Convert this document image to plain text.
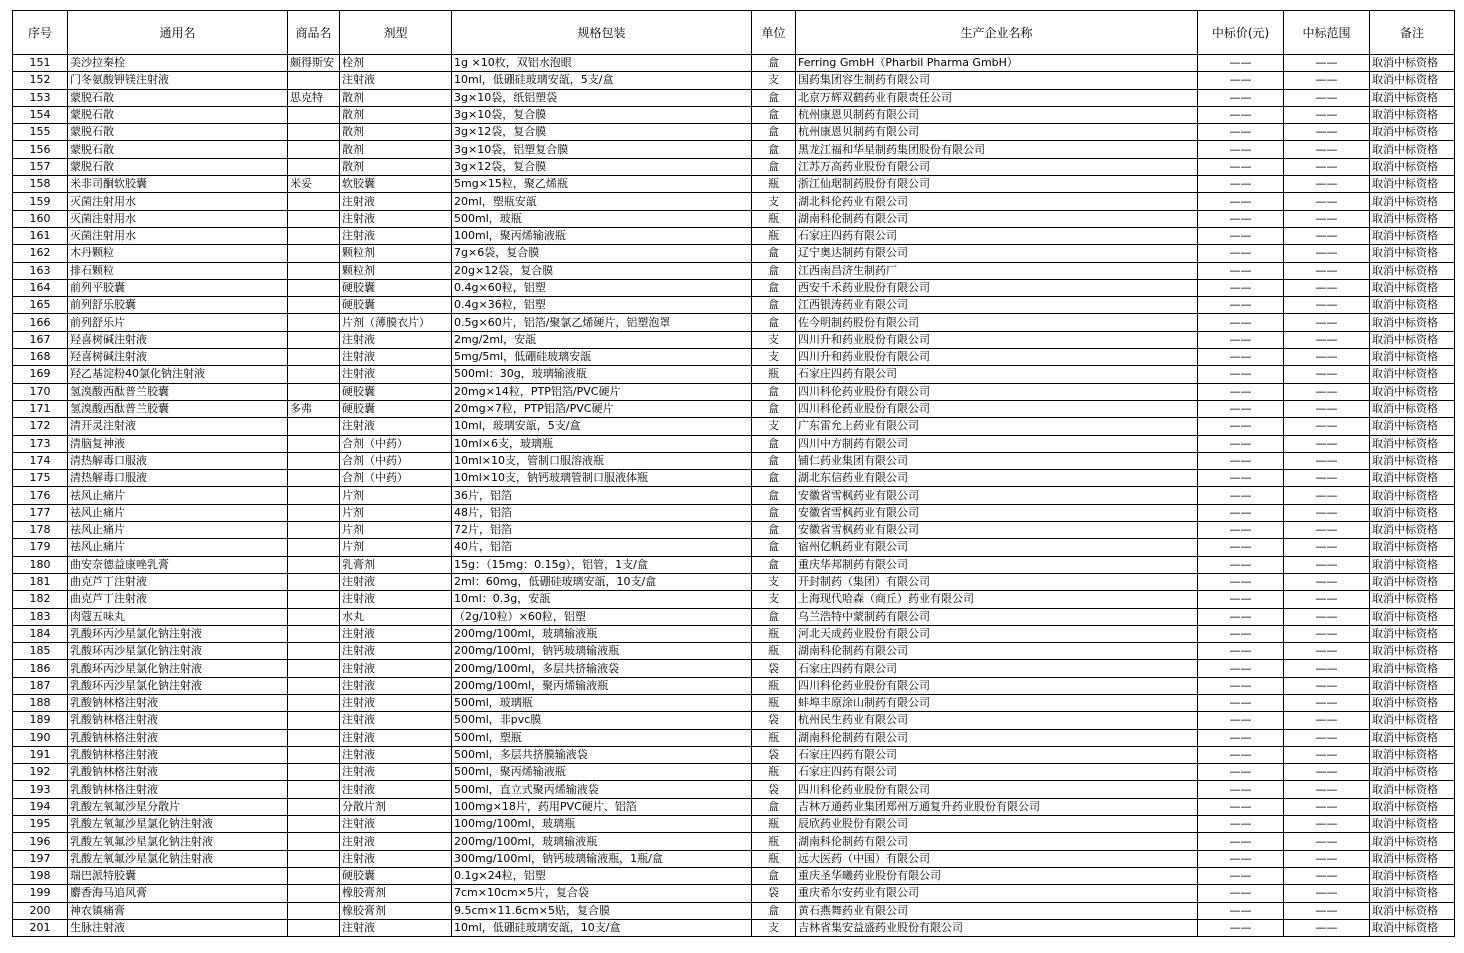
序号	通用名	商品名	剂型	规格包装	单位	生产企业名称	中标价(元)	中标范围	备注
151	美沙拉秦栓	颇得斯安	栓剂	1g ×10枚，双铝水泡眼	盒	Ferring GmbH（Pharbil Pharma GmbH）	——	——	取消中标资格
152	门冬氨酸钾镁注射液		注射液	10ml，低硼硅玻璃安瓿，5支/盒	支	国药集团容生制药有限公司	——	——	取消中标资格
153	蒙脱石散	思克特	散剂	3g×10袋，纸铝塑袋	盒	北京万辉双鹤药业有限责任公司	——	——	取消中标资格
154	蒙脱石散		散剂	3g×10袋，复合膜	盒	杭州康恩贝制药有限公司	——	——	取消中标资格
155	蒙脱石散		散剂	3g×12袋，复合膜	盒	杭州康恩贝制药有限公司	——	——	取消中标资格
156	蒙脱石散		散剂	3g×10袋，铝塑复合膜	盒	黑龙江福和华星制药集团股份有限公司	——	——	取消中标资格
157	蒙脱石散		散剂	3g×12袋，复合膜	盒	江苏万高药业股份有限公司	——	——	取消中标资格
158	米非司酮软胶囊	米妥	软胶囊	5mg×15粒，聚乙烯瓶	瓶	浙江仙琚制药股份有限公司	——	——	取消中标资格
159	灭菌注射用水		注射液	20ml，塑瓶安瓿	支	湖北科伦药业有限公司	——	——	取消中标资格
160	灭菌注射用水		注射液	500ml，玻瓶	瓶	湖南科伦制药有限公司	——	——	取消中标资格
161	灭菌注射用水		注射液	100ml，聚丙烯输液瓶	瓶	石家庄四药有限公司	——	——	取消中标资格
162	木丹颗粒		颗粒剂	7g×6袋，复合膜	盒	辽宁奥达制药有限公司	——	——	取消中标资格
163	排石颗粒		颗粒剂	20g×12袋，复合膜	盒	江西南昌济生制药厂	——	——	取消中标资格
164	前列平胶囊		硬胶囊	0.4g×60粒，铝塑	盒	西安千禾药业股份有限公司	——	——	取消中标资格
165	前列舒乐胶囊		硬胶囊	0.4g×36粒，铝塑	盒	江西银涛药业有限公司	——	——	取消中标资格
166	前列舒乐片		片剂（薄膜衣片）	0.5g×60片，铝箔/聚氯乙烯硬片，铝塑泡罩	盒	佐今明制药股份有限公司	——	——	取消中标资格
167	羟喜树碱注射液		注射液	2mg/2ml，安瓿	支	四川升和药业股份有限公司	——	——	取消中标资格
168	羟喜树碱注射液		注射液	5mg/5ml，低硼硅玻璃安瓿	支	四川升和药业股份有限公司	——	——	取消中标资格
169	羟乙基淀粉40氯化钠注射液		注射液	500ml：30g，玻璃输液瓶	瓶	石家庄四药有限公司	——	——	取消中标资格
170	氢溴酸西酞普兰胶囊		硬胶囊	20mg×14粒，PTP铝箔/PVC硬片	盒	四川科伦药业股份有限公司	——	——	取消中标资格
171	氢溴酸西酞普兰胶囊	多弗	硬胶囊	20mg×7粒，PTP铝箔/PVC硬片	盒	四川科伦药业股份有限公司	——	——	取消中标资格
172	清开灵注射液		注射液	10ml，玻璃安瓿，5支/盒	支	广东雷允上药业有限公司	——	——	取消中标资格
173	清脑复神液		合剂（中药）	10ml×6支，玻璃瓶	盒	四川中方制药有限公司	——	——	取消中标资格
174	清热解毒口服液		合剂（中药）	10ml×10支，管制口服溶液瓶	盒	铺仁药业集团有限公司	——	——	取消中标资格
175	清热解毒口服液		合剂（中药）	10ml×10支，钠钙玻璃管制口服液体瓶	盒	湖北东信药业有限公司	——	——	取消中标资格
176	祛风止痛片		片剂	36片，铝箔	盒	安徽省雪枫药业有限公司	——	——	取消中标资格
177	祛风止痛片		片剂	48片，铝箔	盒	安徽省雪枫药业有限公司	——	——	取消中标资格
178	祛风止痛片		片剂	72片，铝箔	盒	安徽省雪枫药业有限公司	——	——	取消中标资格
179	祛风止痛片		片剂	40片，铝箔	盒	宿州亿帆药业有限公司	——	——	取消中标资格
180	曲安奈德益康唑乳膏		乳膏剂	15g：（15mg：0.15g），铝管，1支/盒	盒	重庆华邦制药有限公司	——	——	取消中标资格
181	曲克芦丁注射液		注射液	2ml：60mg，低硼硅玻璃安瓿，10支/盒	支	开封制药（集团）有限公司	——	——	取消中标资格
182	曲克芦丁注射液		注射液	10ml：0.3g，安瓿	支	上海现代哈森（商丘）药业有限公司	——	——	取消中标资格
183	肉蔻五味丸		水丸	（2g/10粒）×60粒，铝塑	盒	乌兰浩特中蒙制药有限公司	——	——	取消中标资格
184	乳酸环丙沙星氯化钠注射液		注射液	200mg/100ml，玻璃输液瓶	瓶	河北天成药业股份有限公司	——	——	取消中标资格
185	乳酸环丙沙星氯化钠注射液		注射液	200mg/100ml，钠钙玻璃输液瓶	瓶	湖南科伦制药有限公司	——	——	取消中标资格
186	乳酸环丙沙星氯化钠注射液		注射液	200mg/100ml，多层共挤输液袋	袋	石家庄四药有限公司	——	——	取消中标资格
187	乳酸环丙沙星氯化钠注射液		注射液	200mg/100ml，聚丙烯输液瓶	瓶	四川科伦药业股份有限公司	——	——	取消中标资格
188	乳酸钠林格注射液		注射液	500ml，玻璃瓶	瓶	蚌埠丰原涂山制药有限公司	——	——	取消中标资格
189	乳酸钠林格注射液		注射液	500ml，非pvc膜	袋	杭州民生药业有限公司	——	——	取消中标资格
190	乳酸钠林格注射液		注射液	500ml，塑瓶	瓶	湖南科伦制药有限公司	——	——	取消中标资格
191	乳酸钠林格注射液		注射液	500ml，多层共挤膜输液袋	袋	石家庄四药有限公司	——	——	取消中标资格
192	乳酸钠林格注射液		注射液	500ml，聚丙烯输液瓶	瓶	石家庄四药有限公司	——	——	取消中标资格
193	乳酸钠林格注射液		注射液	500ml，直立式聚丙烯输液袋	袋	四川科伦药业股份有限公司	——	——	取消中标资格
194	乳酸左氧氟沙星分散片		分散片剂	100mg×18片，药用PVC硬片、铝箔	盒	吉林万通药业集团郑州万通复升药业股份有限公司	——	——	取消中标资格
195	乳酸左氧氟沙星氯化钠注射液		注射液	100mg/100ml，玻璃瓶	瓶	辰欣药业股份有限公司	——	——	取消中标资格
196	乳酸左氧氟沙星氯化钠注射液		注射液	200mg/100ml，玻璃输液瓶	瓶	湖南科伦制药有限公司	——	——	取消中标资格
197	乳酸左氧氟沙星氯化钠注射液		注射液	300mg/100ml，钠钙玻璃输液瓶，1瓶/盒	瓶	远大医药（中国）有限公司	——	——	取消中标资格
198	瑞巴派特胶囊		硬胶囊	0.1g×24粒，铝塑	盒	重庆圣华曦药业股份有限公司	——	——	取消中标资格
199	麝香海马追风膏		橡胶膏剂	7cm×10cm×5片，复合袋	袋	重庆希尔安药业有限公司	——	——	取消中标资格
200	神农镇痛膏		橡胶膏剂	9.5cm×11.6cm×5贴，复合膜	盒	黄石燕舞药业有限公司	——	——	取消中标资格
201	生脉注射液		注射液	10ml，低硼硅玻璃安瓿，10支/盒	支	吉林省集安益盛药业股份有限公司	——	——	取消中标资格
